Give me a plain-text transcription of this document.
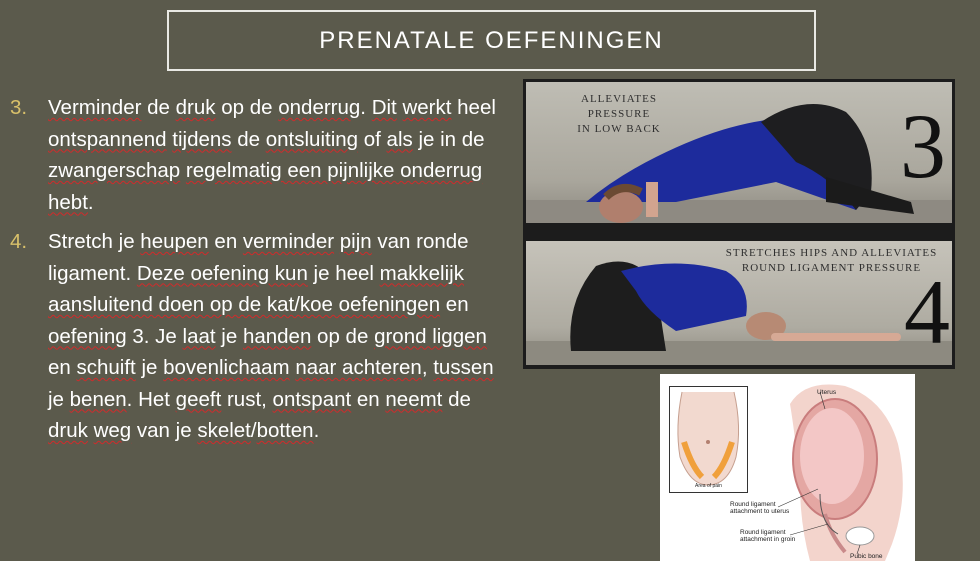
PRENATALE OEFENINGEN
3.	Verminder de druk op de onderrug. Dit werkt heel ontspannend tijdens de ontsluiting of als je in de zwangerschap regelmatig een pijnlijke onderrug hebt.
4.	Stretch je heupen en verminder pijn van ronde ligament. Deze oefening kun je heel makkelijk aansluitend doen op de kat/koe oefeningen en oefening 3. Je laat je handen op de grond liggen en schuift je bovenlichaam naar achteren, tussen je benen. Het geeft rust, ontspant en neemt de druk weg van je skelet/botten.
ALLEVIATES PRESSURE
IN LOW BACK	3
STRETCHES HIPS AND ALLEVIATES
ROUND LIGAMENT PRESSURE
4
Area of pain
Uterus
Round ligament
attachment to uterus
Round ligament
attachment in groin
Pubic bone
